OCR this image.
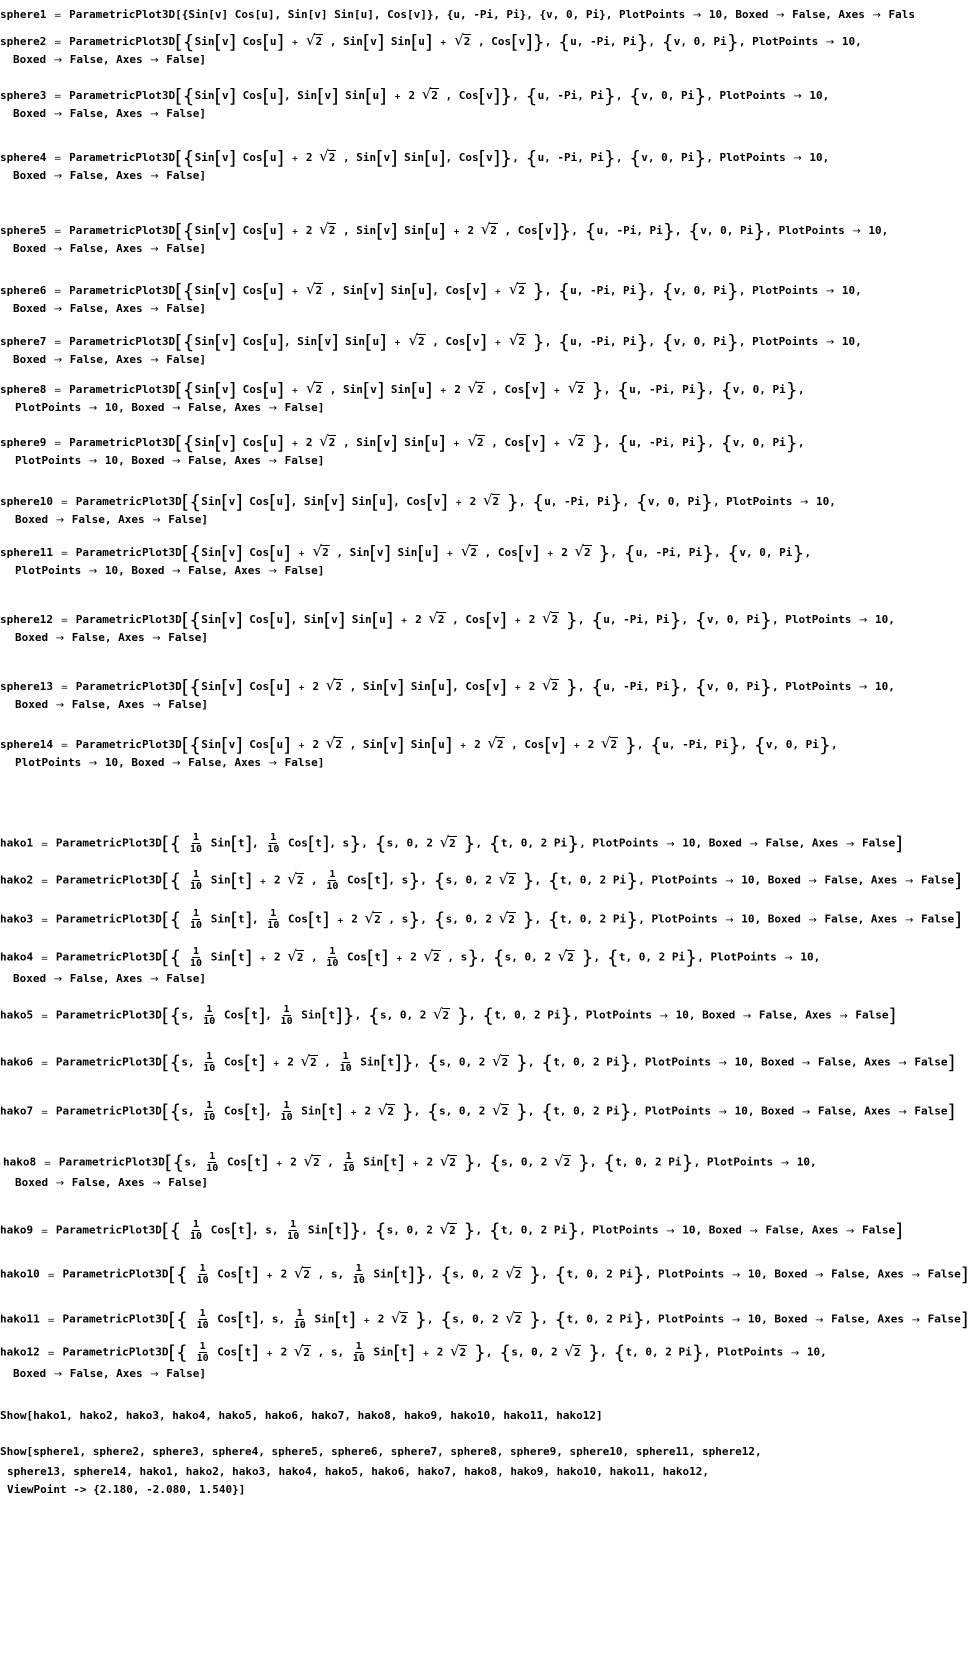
sphere1 = ParametricPlot3D[{Sin[v] Cos[u], Sin[v] Sin[u], Cos[v]}, {u, -Pi, Pi}, {v, 0, Pi}, PlotPoints → 10, Boxed → False, Axes → Fals
sphere2 = ParametricPlot3D[{Sin[v] Cos[u] + √2 , Sin[v] Sin[u] + √2 , Cos[v]}, {u, -Pi, Pi}, {v, 0, Pi}, PlotPoints → 10,
Boxed → False, Axes → False]
sphere3 = ParametricPlot3D[{Sin[v] Cos[u], Sin[v] Sin[u] + 2 √2 , Cos[v]}, {u, -Pi, Pi}, {v, 0, Pi}, PlotPoints → 10,
Boxed → False, Axes → False]
sphere4 = ParametricPlot3D[{Sin[v] Cos[u] + 2 √2 , Sin[v] Sin[u], Cos[v]}, {u, -Pi, Pi}, {v, 0, Pi}, PlotPoints → 10,
Boxed → False, Axes → False]
sphere5 = ParametricPlot3D[{Sin[v] Cos[u] + 2 √2 , Sin[v] Sin[u] + 2 √2 , Cos[v]}, {u, -Pi, Pi}, {v, 0, Pi}, PlotPoints → 10,
Boxed → False, Axes → False]
sphere6 = ParametricPlot3D[{Sin[v] Cos[u] + √2 , Sin[v] Sin[u], Cos[v] + √2 }, {u, -Pi, Pi}, {v, 0, Pi}, PlotPoints → 10,
Boxed → False, Axes → False]
sphere7 = ParametricPlot3D[{Sin[v] Cos[u], Sin[v] Sin[u] + √2 , Cos[v] + √2 }, {u, -Pi, Pi}, {v, 0, Pi}, PlotPoints → 10,
Boxed → False, Axes → False]
sphere8 = ParametricPlot3D[{Sin[v] Cos[u] + √2 , Sin[v] Sin[u] + 2 √2 , Cos[v] + √2 }, {u, -Pi, Pi}, {v, 0, Pi},
PlotPoints → 10, Boxed → False, Axes → False]
sphere9 = ParametricPlot3D[{Sin[v] Cos[u] + 2 √2 , Sin[v] Sin[u] + √2 , Cos[v] + √2 }, {u, -Pi, Pi}, {v, 0, Pi},
PlotPoints → 10, Boxed → False, Axes → False]
sphere10 = ParametricPlot3D[{Sin[v] Cos[u], Sin[v] Sin[u], Cos[v] + 2 √2 }, {u, -Pi, Pi}, {v, 0, Pi}, PlotPoints → 10,
Boxed → False, Axes → False]
sphere11 = ParametricPlot3D[{Sin[v] Cos[u] + √2 , Sin[v] Sin[u] + √2 , Cos[v] + 2 √2 }, {u, -Pi, Pi}, {v, 0, Pi},
PlotPoints → 10, Boxed → False, Axes → False]
sphere12 = ParametricPlot3D[{Sin[v] Cos[u], Sin[v] Sin[u] + 2 √2 , Cos[v] + 2 √2 }, {u, -Pi, Pi}, {v, 0, Pi}, PlotPoints → 10,
Boxed → False, Axes → False]
sphere13 = ParametricPlot3D[{Sin[v] Cos[u] + 2 √2 , Sin[v] Sin[u], Cos[v] + 2 √2 }, {u, -Pi, Pi}, {v, 0, Pi}, PlotPoints → 10,
Boxed → False, Axes → False]
sphere14 = ParametricPlot3D[{Sin[v] Cos[u] + 2 √2 , Sin[v] Sin[u] + 2 √2 , Cos[v] + 2 √2 }, {u, -Pi, Pi}, {v, 0, Pi},
PlotPoints → 10, Boxed → False, Axes → False]
hako1 = ParametricPlot3D[{ $\frac{1}{10} Sin[t]$, $\frac{1}{10} Cos[t]$, s}, {s, 0, 2 √2 }, {t, 0, 2 Pi}, PlotPoints → 10, Boxed → False, Axes → False]
hako2 = ParametricPlot3D[{ $\frac{1}{10} Sin[t] + 2$ √2 , $\frac{1}{10} Cos[t]$, s}, {s, 0, 2 √2 }, {t, 0, 2 Pi}, PlotPoints → 10, Boxed → False, Axes → False]
hako3 = ParametricPlot3D[{ $\frac{1}{10} Sin[t]$, $\frac{1}{10} Cos[t] + 2$ √2 , s}, {s, 0, 2 √2 }, {t, 0, 2 Pi}, PlotPoints → 10, Boxed → False, Axes → False]
hako4 = ParametricPlot3D[{ $\frac{1}{10} Sin[t] + 2$ √2 , $\frac{1}{10} Cos[t] + 2$ √2 , s}, {s, 0, 2 √2 }, {t, 0, 2 Pi}, PlotPoints → 10,
Boxed → False, Axes → False]
hako5 = ParametricPlot3D[{s, $\frac{1}{10} Cos[t]$, $\frac{1}{10} Sin[t]$}, {s, 0, 2 √2 }, {t, 0, 2 Pi}, PlotPoints → 10, Boxed → False, Axes → False]
hako6 = ParametricPlot3D[{s, $\frac{1}{10} Cos[t] + 2$ √2 , $\frac{1}{10} Sin[t]$}, {s, 0, 2 √2 }, {t, 0, 2 Pi}, PlotPoints → 10, Boxed → False, Axes → False]
hako7 = ParametricPlot3D[{s, $\frac{1}{10} Cos[t]$, $\frac{1}{10} Sin[t] + 2$ √2 }, {s, 0, 2 √2 }, {t, 0, 2 Pi}, PlotPoints → 10, Boxed → False, Axes → False]
hako8 = ParametricPlot3D[{s, $\frac{1}{10} Cos[t] + 2$ √2 , $\frac{1}{10} Sin[t] + 2$ √2 }, {s, 0, 2 √2 }, {t, 0, 2 Pi}, PlotPoints → 10,
Boxed → False, Axes → False]
hako9 = ParametricPlot3D[{ $\frac{1}{10} Cos[t]$, s, $\frac{1}{10} Sin[t]$}, {s, 0, 2 √2 }, {t, 0, 2 Pi}, PlotPoints → 10, Boxed → False, Axes → False]
hako10 = ParametricPlot3D[{ $\frac{1}{10} Cos[t] + 2$ √2 , s, $\frac{1}{10} Sin[t]$}, {s, 0, 2 √2 }, {t, 0, 2 Pi}, PlotPoints → 10, Boxed → False, Axes → False]
hako11 = ParametricPlot3D[{ $\frac{1}{10} Cos[t]$, s, $\frac{1}{10} Sin[t] + 2$ √2 }, {s, 0, 2 √2 }, {t, 0, 2 Pi}, PlotPoints → 10, Boxed → False, Axes → False]
hako12 = ParametricPlot3D[{ $\frac{1}{10} Cos[t] + 2$ √2 , s, $\frac{1}{10} Sin[t] + 2$ √2 }, {s, 0, 2 √2 }, {t, 0, 2 Pi}, PlotPoints → 10,
Boxed → False, Axes → False]
Show[hako1, hako2, hako3, hako4, hako5, hako6, hako7, hako8, hako9, hako10, hako11, hako12]
Show[sphere1, sphere2, sphere3, sphere4, sphere5, sphere6, sphere7, sphere8, sphere9, sphere10, sphere11, sphere12,
sphere13, sphere14, hako1, hako2, hako3, hako4, hako5, hako6, hako7, hako8, hako9, hako10, hako11, hako12,
ViewPoint -> {2.180, -2.080, 1.540}]
